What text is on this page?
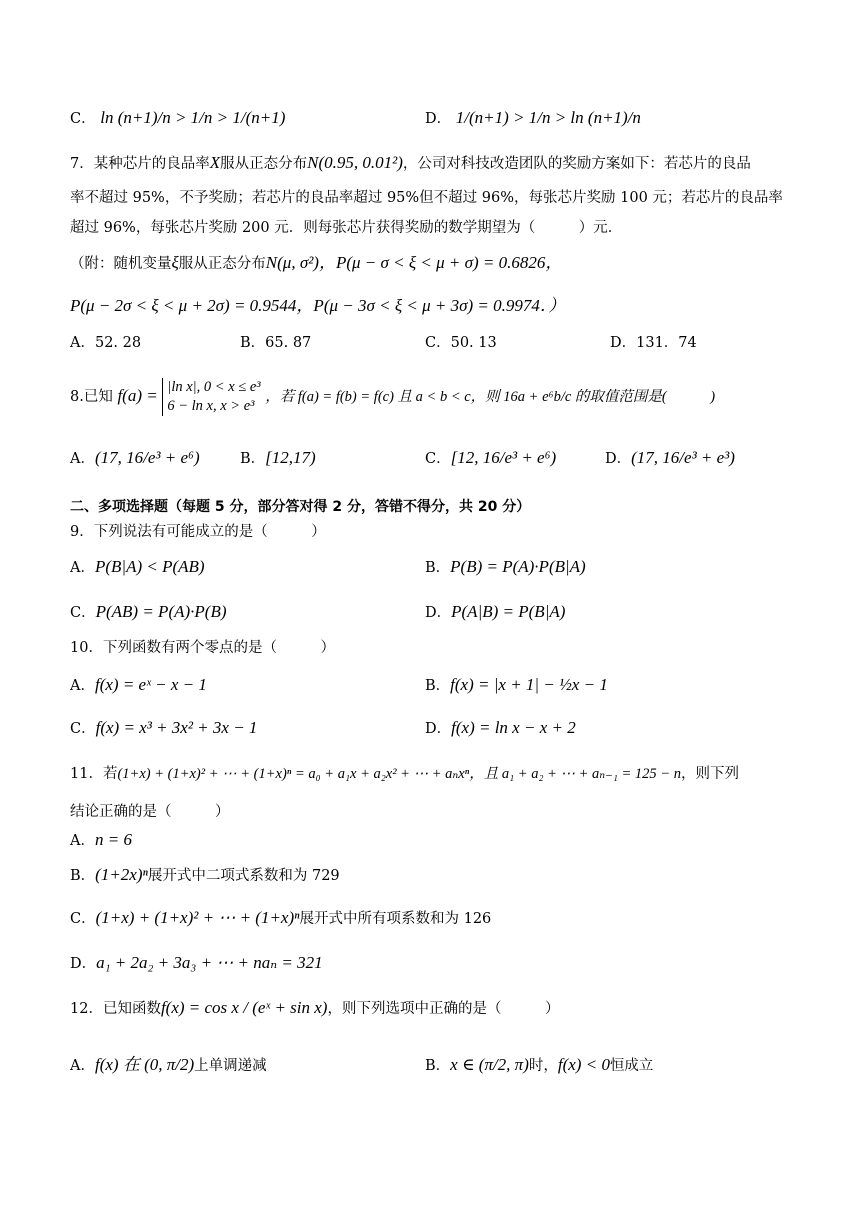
C． ln (n+1)/n > 1/n > 1/(n+1)	D． 1/(n+1) > 1/n > ln (n+1)/n
7．某种芯片的良品率X服从正态分布N(0.95, 0.01²)，公司对科技改造团队的奖励方案如下：若芯片的良品
率不超过 95%，不予奖励；若芯片的良品率超过 95%但不超过 96%，每张芯片奖励 100 元；若芯片的良品率
超过 96%，每张芯片奖励 200 元．则每张芯片获得奖励的数学期望为（　　　）元．
（附：随机变量ξ服从正态分布N(μ, σ²)，P(μ − σ < ξ < μ + σ) = 0.6826，
P(μ − 2σ < ξ < μ + 2σ) = 0.9544，P(μ − 3σ < ξ < μ + 3σ) = 0.9974．）
A．52. 28	B．65. 87	C．50. 13	D．131．74
8.已知 f(a) = |ln x|, 0 < x ≤ e³
6 − ln x, x > e³
，若 f(a) = f(b) = f(c) 且 a < b < c，则 16a + e⁶b/c 的取值范围是(　　　)
A．(17, 16/e³ + e⁶)	B．[12,17)	C．[12, 16/e³ + e⁶)	D．(17, 16/e³ + e³)
二、多项选择题（每题 5 分，部分答对得 2 分，答错不得分，共 20 分）
9．下列说法有可能成立的是（　　　）
A．P(B|A) < P(AB)	B．P(B) = P(A)·P(B|A)
C．P(AB) = P(A)·P(B)	D．P(A|B) = P(B|A)
10．下列函数有两个零点的是（　　　）
A．f(x) = eˣ − x − 1	B．f(x) = |x + 1| − ½x − 1
C．f(x) = x³ + 3x² + 3x − 1	D．f(x) = ln x − x + 2
11．若(1+x) + (1+x)² + ⋯ + (1+x)ⁿ = a₀ + a₁x + a₂x² + ⋯ + aₙxⁿ，且 a₁ + a₂ + ⋯ + aₙ₋₁ = 125 − n，则下列
结论正确的是（　　　）
A．n = 6
B．(1+2x)ⁿ展开式中二项式系数和为 729
C．(1+x) + (1+x)² + ⋯ + (1+x)ⁿ展开式中所有项系数和为 126
D．a₁ + 2a₂ + 3a₃ + ⋯ + naₙ = 321
12．已知函数f(x) = cos x / (eˣ + sin x)，则下列选项中正确的是（　　　）
A．f(x) 在 (0, π/2)上单调递减	B．x ∈ (π/2, π)时，f(x) < 0恒成立
